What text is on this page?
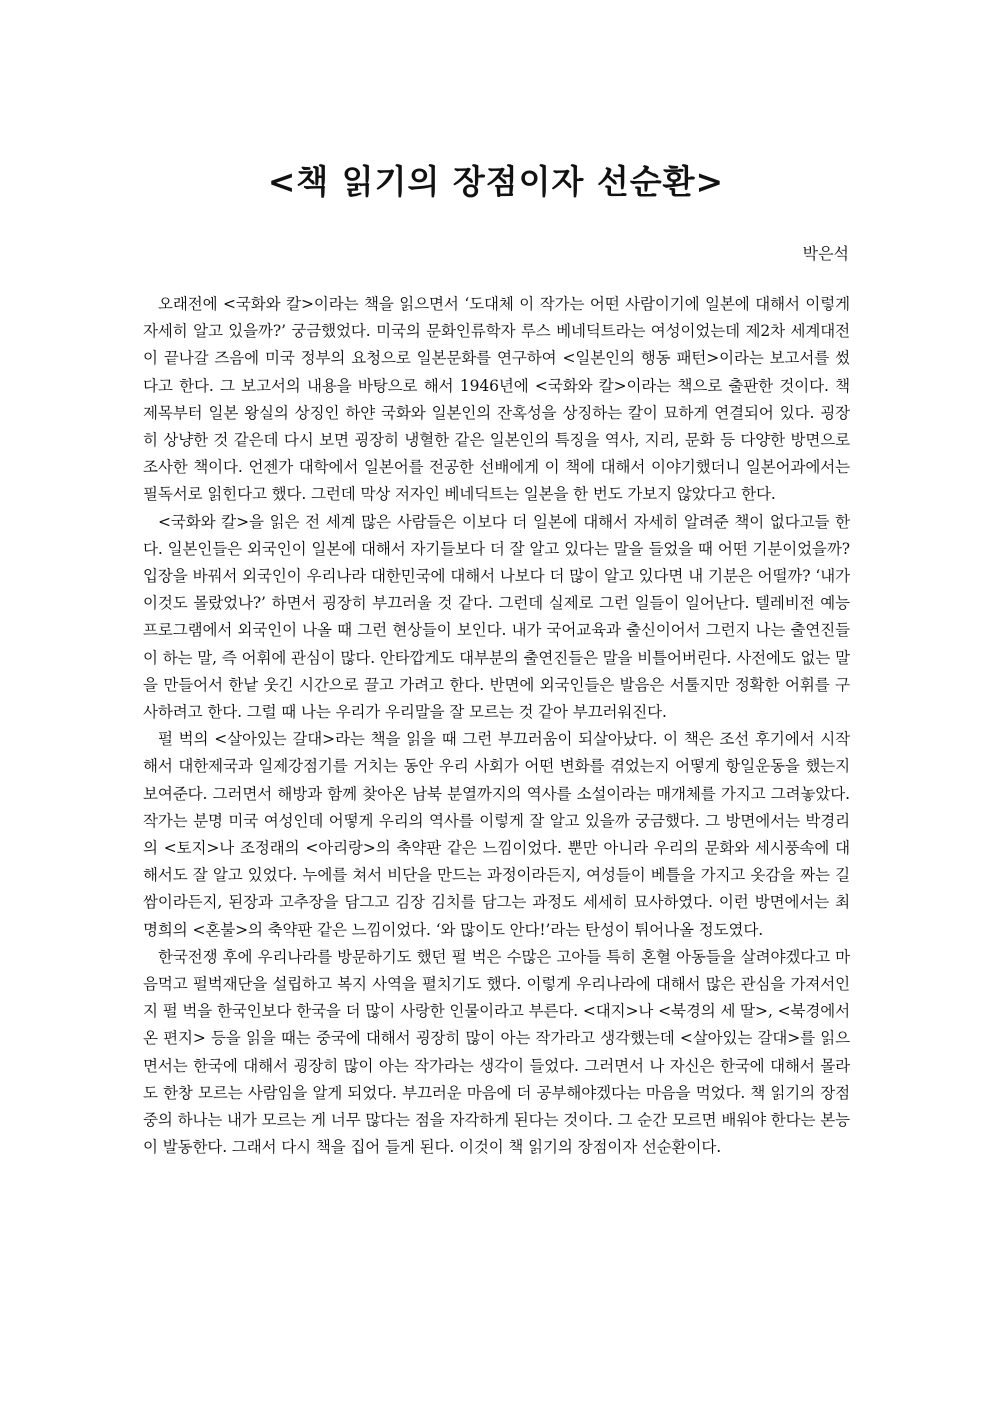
<책 읽기의 장점이자 선순환>
박은석

오래전에 <국화와 칼>이라는 책을 읽으면서 ‘도대체 이 작가는 어떤 사람이기에 일본에 대해서 이렇게 자세히 알고 있을까?’ 궁금했었다. 미국의 문화인류학자 루스 베네딕트라는 여성이었는데 제2차 세계대전이 끝나갈 즈음에 미국 정부의 요청으로 일본문화를 연구하여 <일본인의 행동 패턴>이라는 보고서를 썼다고 한다. 그 보고서의 내용을 바탕으로 해서 1946년에 <국화와 칼>이라는 책으로 출판한 것이다. 책 제목부터 일본 왕실의 상징인 하얀 국화와 일본인의 잔혹성을 상징하는 칼이 묘하게 연결되어 있다. 굉장히 상냥한 것 같은데 다시 보면 굉장히 냉혈한 같은 일본인의 특징을 역사, 지리, 문화 등 다양한 방면으로 조사한 책이다. 언젠가 대학에서 일본어를 전공한 선배에게 이 책에 대해서 이야기했더니 일본어과에서는 필독서로 읽힌다고 했다. 그런데 막상 저자인 베네딕트는 일본을 한 번도 가보지 않았다고 한다.

<국화와 칼>을 읽은 전 세계 많은 사람들은 이보다 더 일본에 대해서 자세히 알려준 책이 없다고들 한다. 일본인들은 외국인이 일본에 대해서 자기들보다 더 잘 알고 있다는 말을 들었을 때 어떤 기분이었을까? 입장을 바꿔서 외국인이 우리나라 대한민국에 대해서 나보다 더 많이 알고 있다면 내 기분은 어떨까? ‘내가 이것도 몰랐었나?’ 하면서 굉장히 부끄러울 것 같다. 그런데 실제로 그런 일들이 일어난다. 텔레비전 예능 프로그램에서 외국인이 나올 때 그런 현상들이 보인다. 내가 국어교육과 출신이어서 그런지 나는 출연진들이 하는 말, 즉 어휘에 관심이 많다. 안타깝게도 대부분의 출연진들은 말을 비틀어버린다. 사전에도 없는 말을 만들어서 한낱 웃긴 시간으로 끌고 가려고 한다. 반면에 외국인들은 발음은 서툴지만 정확한 어휘를 구사하려고 한다. 그럴 때 나는 우리가 우리말을 잘 모르는 것 같아 부끄러워진다.

펄 벅의 <살아있는 갈대>라는 책을 읽을 때 그런 부끄러움이 되살아났다. 이 책은 조선 후기에서 시작해서 대한제국과 일제강점기를 거치는 동안 우리 사회가 어떤 변화를 겪었는지 어떻게 항일운동을 했는지 보여준다. 그러면서 해방과 함께 찾아온 남북 분열까지의 역사를 소설이라는 매개체를 가지고 그려놓았다. 작가는 분명 미국 여성인데 어떻게 우리의 역사를 이렇게 잘 알고 있을까 궁금했다. 그 방면에서는 박경리의 <토지>나 조정래의 <아리랑>의 축약판 같은 느낌이었다. 뿐만 아니라 우리의 문화와 세시풍속에 대해서도 잘 알고 있었다. 누에를 쳐서 비단을 만드는 과정이라든지, 여성들이 베틀을 가지고 옷감을 짜는 길쌈이라든지, 된장과 고추장을 담그고 김장 김치를 담그는 과정도 세세히 묘사하였다. 이런 방면에서는 최명희의 <혼불>의 축약판 같은 느낌이었다. ‘와 많이도 안다!’라는 탄성이 튀어나올 정도였다.

한국전쟁 후에 우리나라를 방문하기도 했던 펄 벅은 수많은 고아들 특히 혼혈 아동들을 살려야겠다고 마음먹고 펄벅재단을 설립하고 복지 사역을 펼치기도 했다. 이렇게 우리나라에 대해서 많은 관심을 가져서인지 펄 벅을 한국인보다 한국을 더 많이 사랑한 인물이라고 부른다. <대지>나 <북경의 세 딸>, <북경에서 온 편지> 등을 읽을 때는 중국에 대해서 굉장히 많이 아는 작가라고 생각했는데 <살아있는 갈대>를 읽으면서는 한국에 대해서 굉장히 많이 아는 작가라는 생각이 들었다. 그러면서 나 자신은 한국에 대해서 몰라도 한창 모르는 사람임을 알게 되었다. 부끄러운 마음에 더 공부해야겠다는 마음을 먹었다. 책 읽기의 장점 중의 하나는 내가 모르는 게 너무 많다는 점을 자각하게 된다는 것이다. 그 순간 모르면 배워야 한다는 본능이 발동한다. 그래서 다시 책을 집어 들게 된다. 이것이 책 읽기의 장점이자 선순환이다.
